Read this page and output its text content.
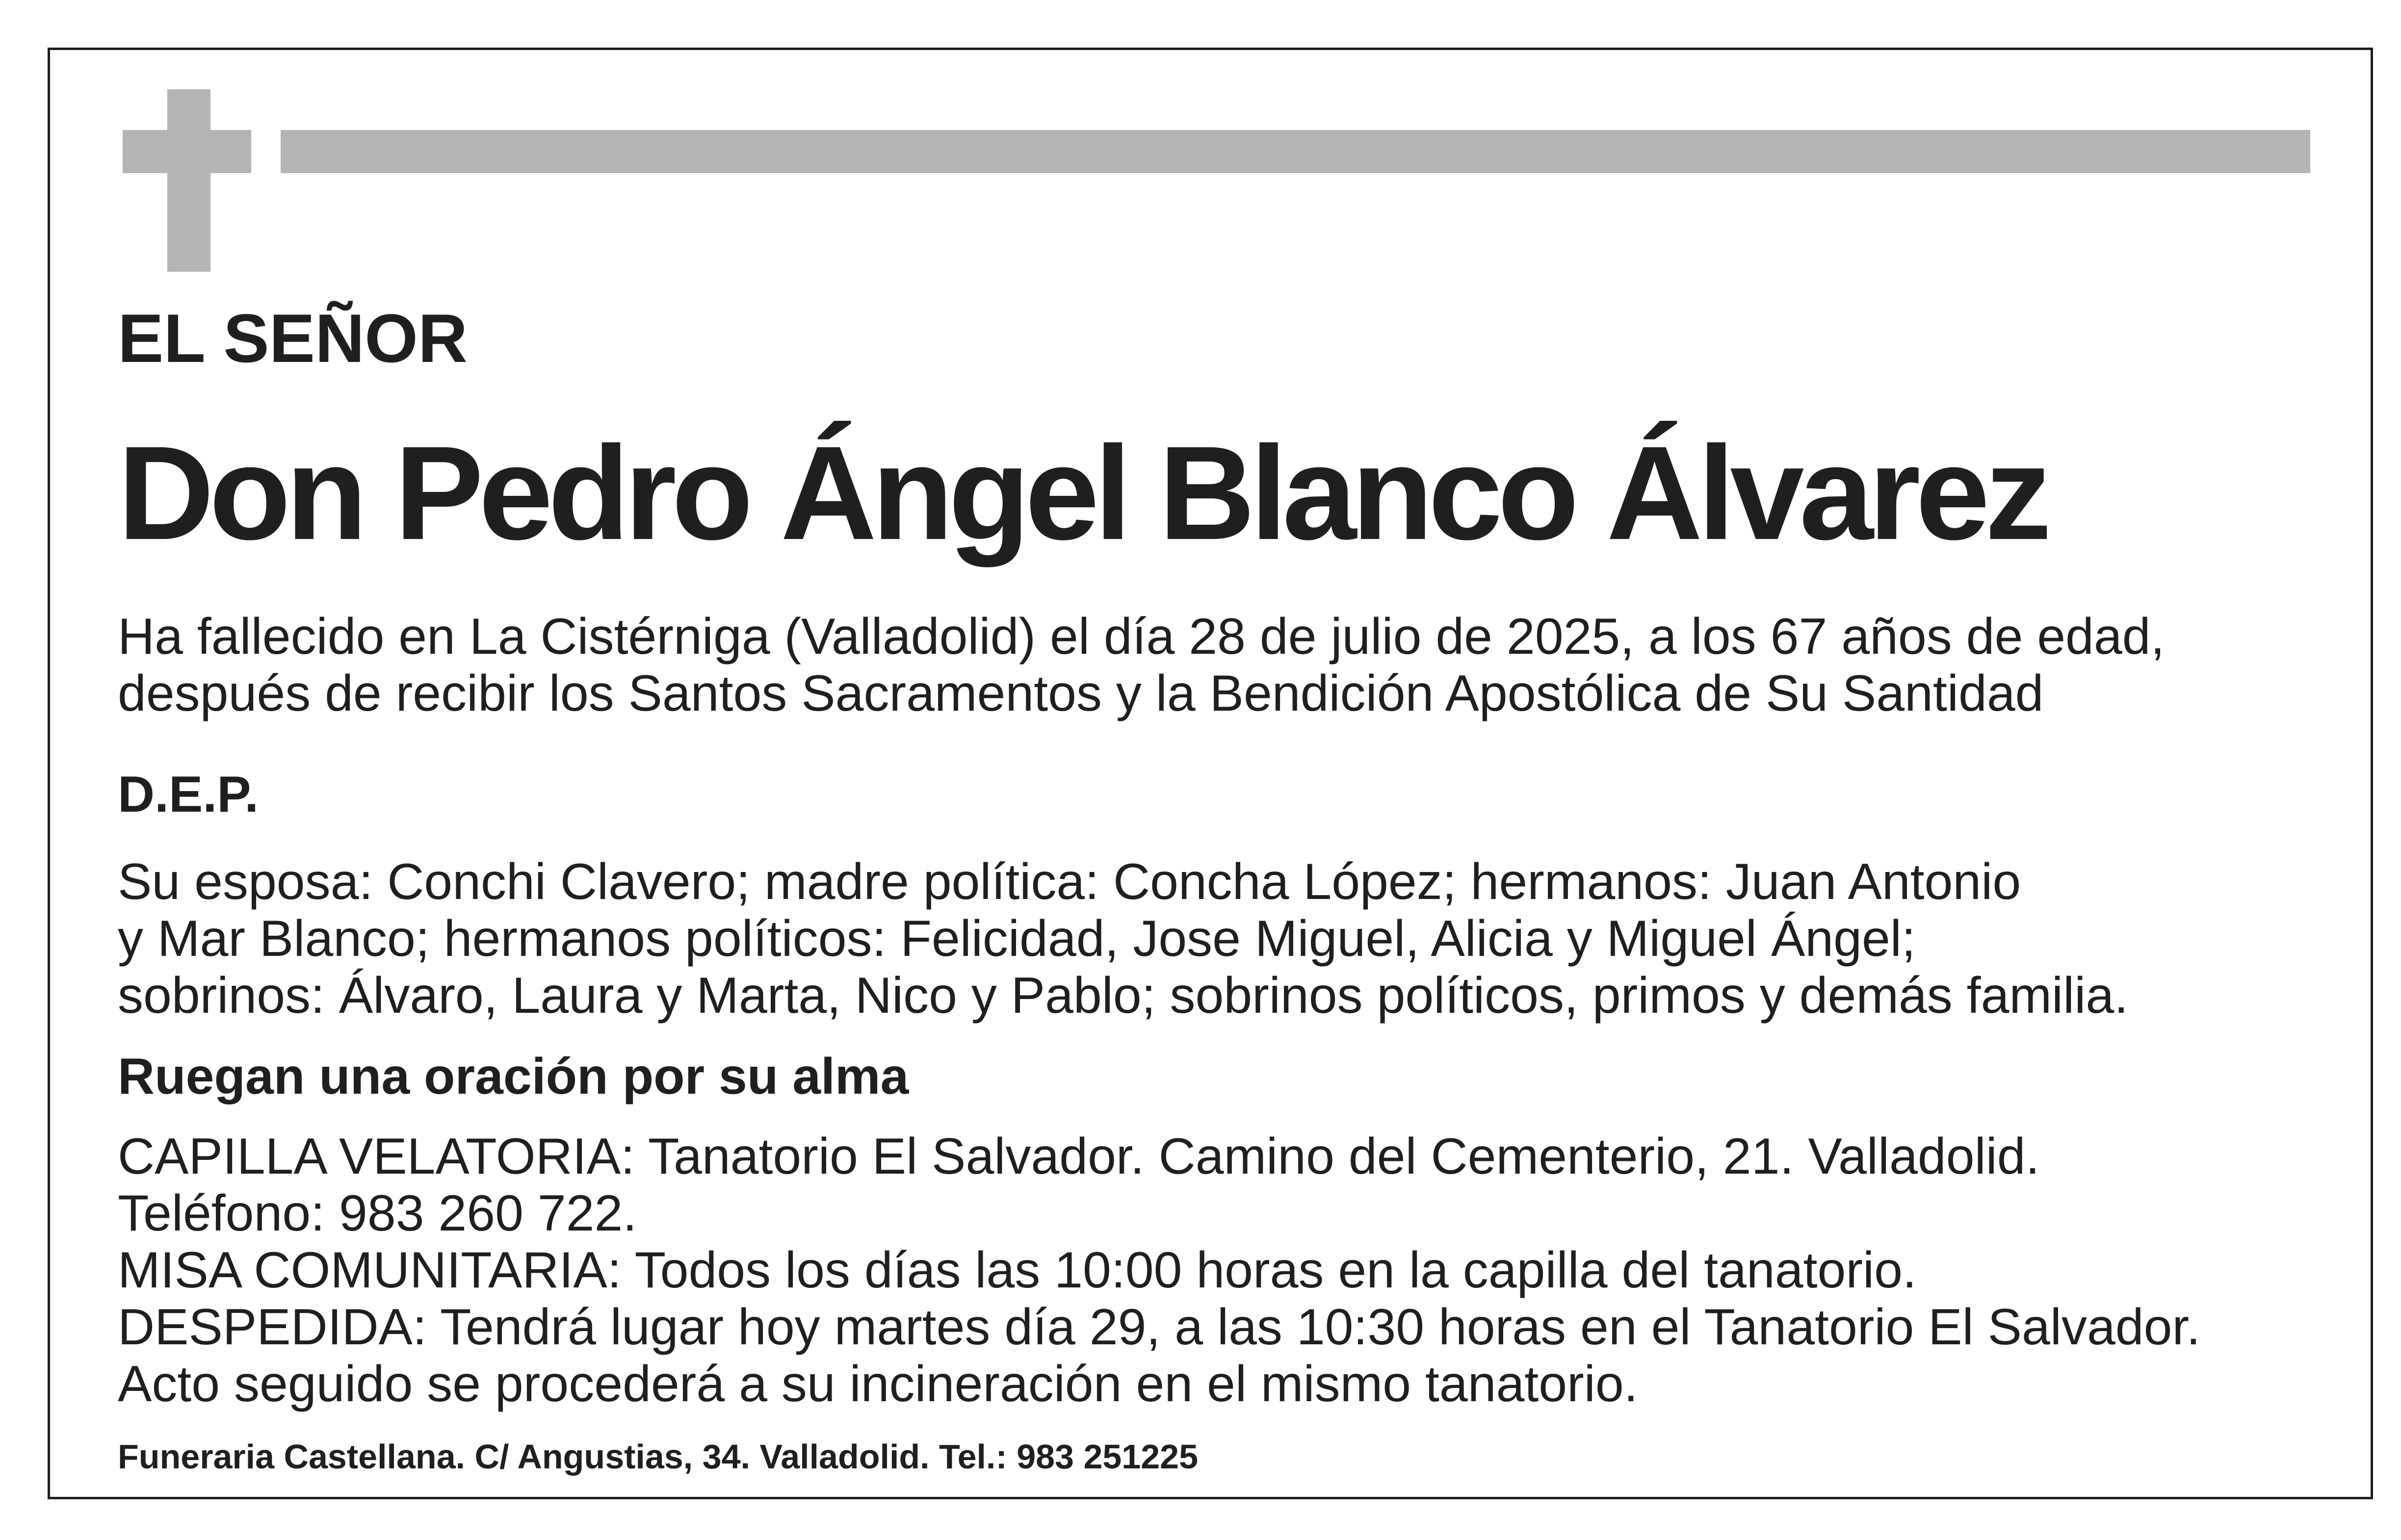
EL SEÑOR

Don Pedro Ángel Blanco Álvarez
Ha fallecido en La Cistérniga (Valladolid) el día 28 de julio de 2025, a los 67 años de edad,
después de recibir los Santos Sacramentos y la Bendición Apostólica de Su Santidad

D.E.P.

Su esposa: Conchi Clavero; madre política: Concha López; hermanos: Juan Antonio
y Mar Blanco; hermanos políticos: Felicidad, Jose Miguel, Alicia y Miguel Ángel;
sobrinos: Álvaro, Laura y Marta, Nico y Pablo; sobrinos políticos, primos y demás familia.

Ruegan una oración por su alma

CAPILLA VELATORIA: Tanatorio El Salvador. Camino del Cementerio, 21. Valladolid.
Teléfono: 983 260 722.
MISA COMUNITARIA: Todos los días las 10:00 horas en la capilla del tanatorio.
DESPEDIDA: Tendrá lugar hoy martes día 29, a las 10:30 horas en el Tanatorio El Salvador.
Acto seguido se procederá a su incineración en el mismo tanatorio.

Funeraria Castellana. C/ Angustias, 34. Valladolid. Tel.: 983 251225
